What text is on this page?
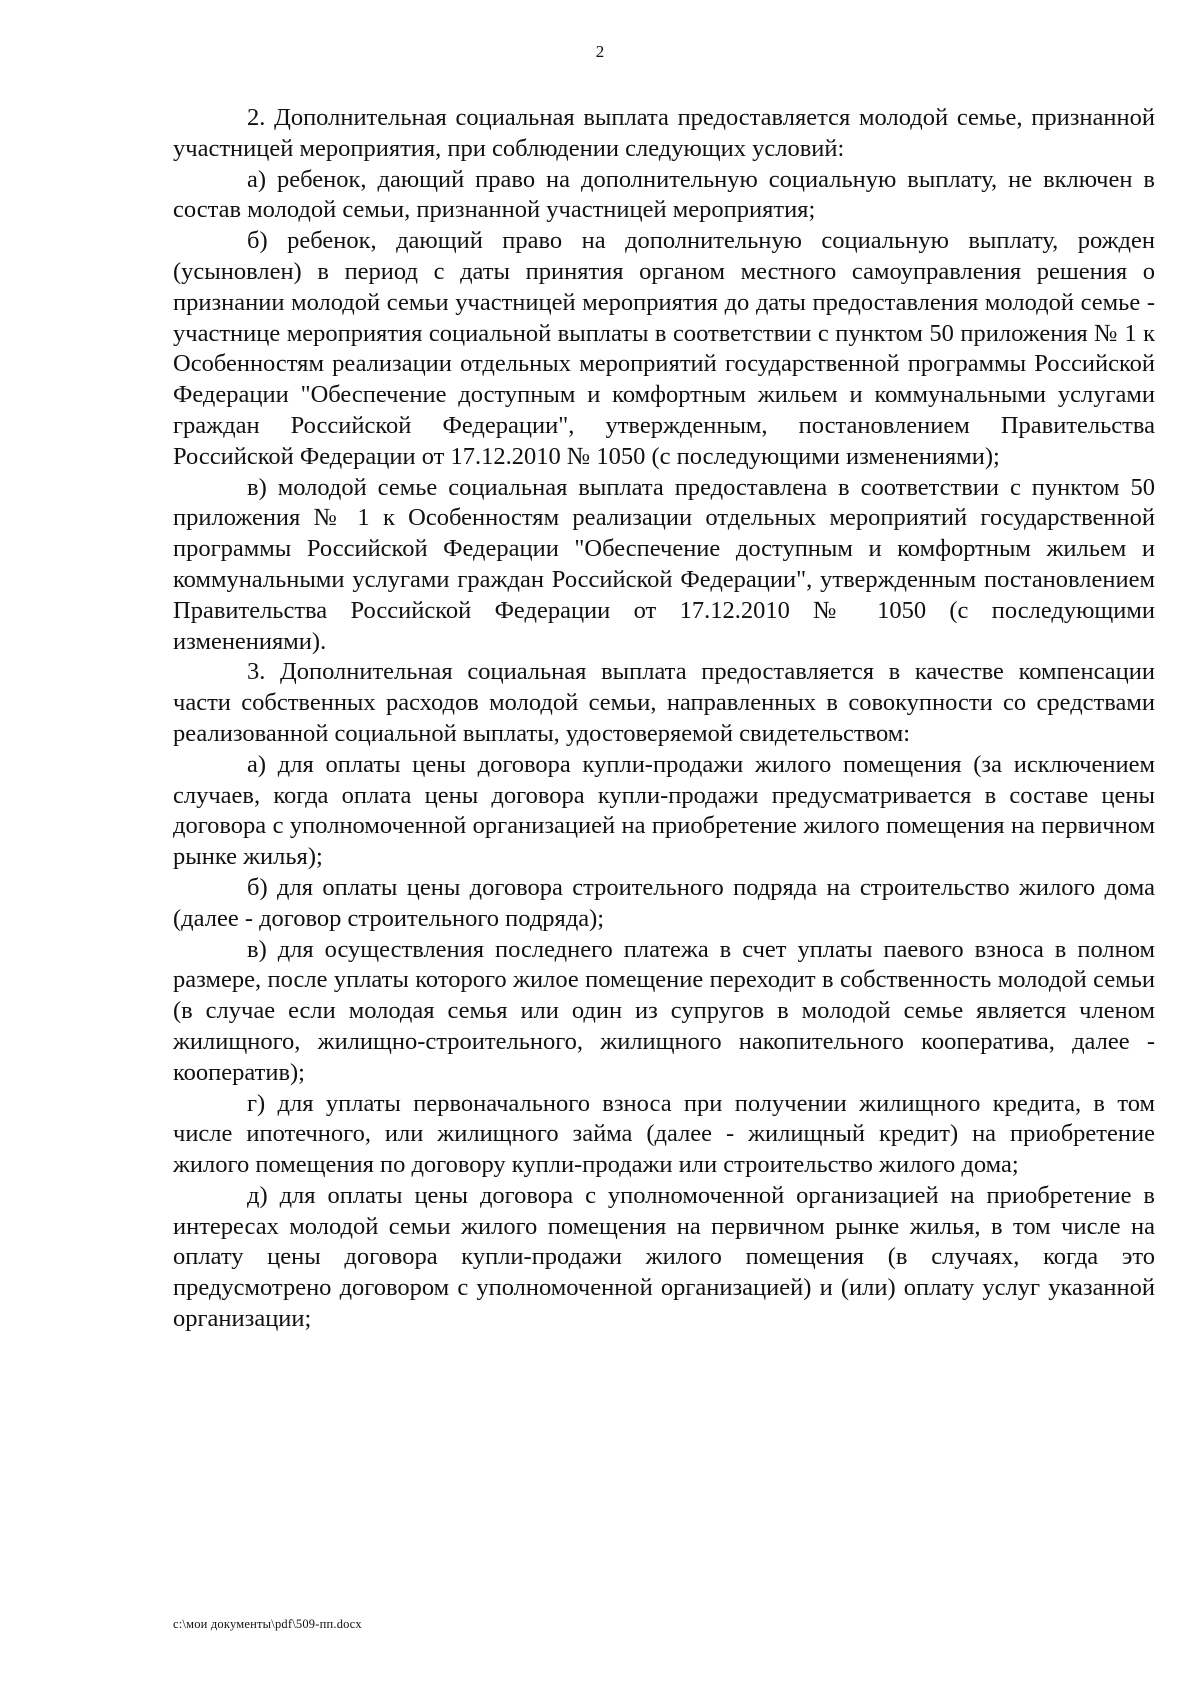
2

2. Дополнительная социальная выплата предоставляется молодой семье, признанной участницей мероприятия, при соблюдении следующих условий:

а) ребенок, дающий право на дополнительную социальную выплату, не включен в состав молодой семьи, признанной участницей мероприятия;

б) ребенок, дающий право на дополнительную социальную выплату, рожден (усыновлен) в период с даты принятия органом местного самоуправления решения о признании молодой семьи участницей мероприятия до даты предоставления молодой семье - участнице мероприятия социальной выплаты в соответствии с пунктом 50 приложения № 1 к Особенностям реализации отдельных мероприятий государственной программы Российской Федерации "Обеспечение доступным и комфортным жильем и коммунальными услугами граждан Российской Федерации", утвержденным, постановлением Правительства Российской Федерации от 17.12.2010 № 1050 (с последующими изменениями);

в) молодой семье социальная выплата предоставлена в соответствии с пунктом 50 приложения № 1 к Особенностям реализации отдельных мероприятий государственной программы Российской Федерации "Обеспечение доступным и комфортным жильем и коммунальными услугами граждан Российской Федерации", утвержденным постановлением Правительства Российской Федерации от 17.12.2010 № 1050 (с последующими изменениями).

3. Дополнительная социальная выплата предоставляется в качестве компенсации части собственных расходов молодой семьи, направленных в совокупности со средствами реализованной социальной выплаты, удостоверяемой свидетельством:

а) для оплаты цены договора купли-продажи жилого помещения (за исключением случаев, когда оплата цены договора купли-продажи предусматривается в составе цены договора с уполномоченной организацией на приобретение жилого помещения на первичном рынке жилья);

б) для оплаты цены договора строительного подряда на строительство жилого дома (далее - договор строительного подряда);

в) для осуществления последнего платежа в счет уплаты паевого взноса в полном размере, после уплаты которого жилое помещение переходит в собственность молодой семьи (в случае если молодая семья или один из супругов в молодой семье является членом жилищного, жилищно-строительного, жилищного накопительного кооператива, далее - кооператив);

г) для уплаты первоначального взноса при получении жилищного кредита, в том числе ипотечного, или жилищного займа (далее - жилищный кредит) на приобретение жилого помещения по договору купли-продажи или строительство жилого дома;

д) для оплаты цены договора с уполномоченной организацией на приобретение в интересах молодой семьи жилого помещения на первичном рынке жилья, в том числе на оплату цены договора купли-продажи жилого помещения (в случаях, когда это предусмотрено договором с уполномоченной организацией) и (или) оплату услуг указанной организации;

c:\мои документы\pdf\509-пп.docx
